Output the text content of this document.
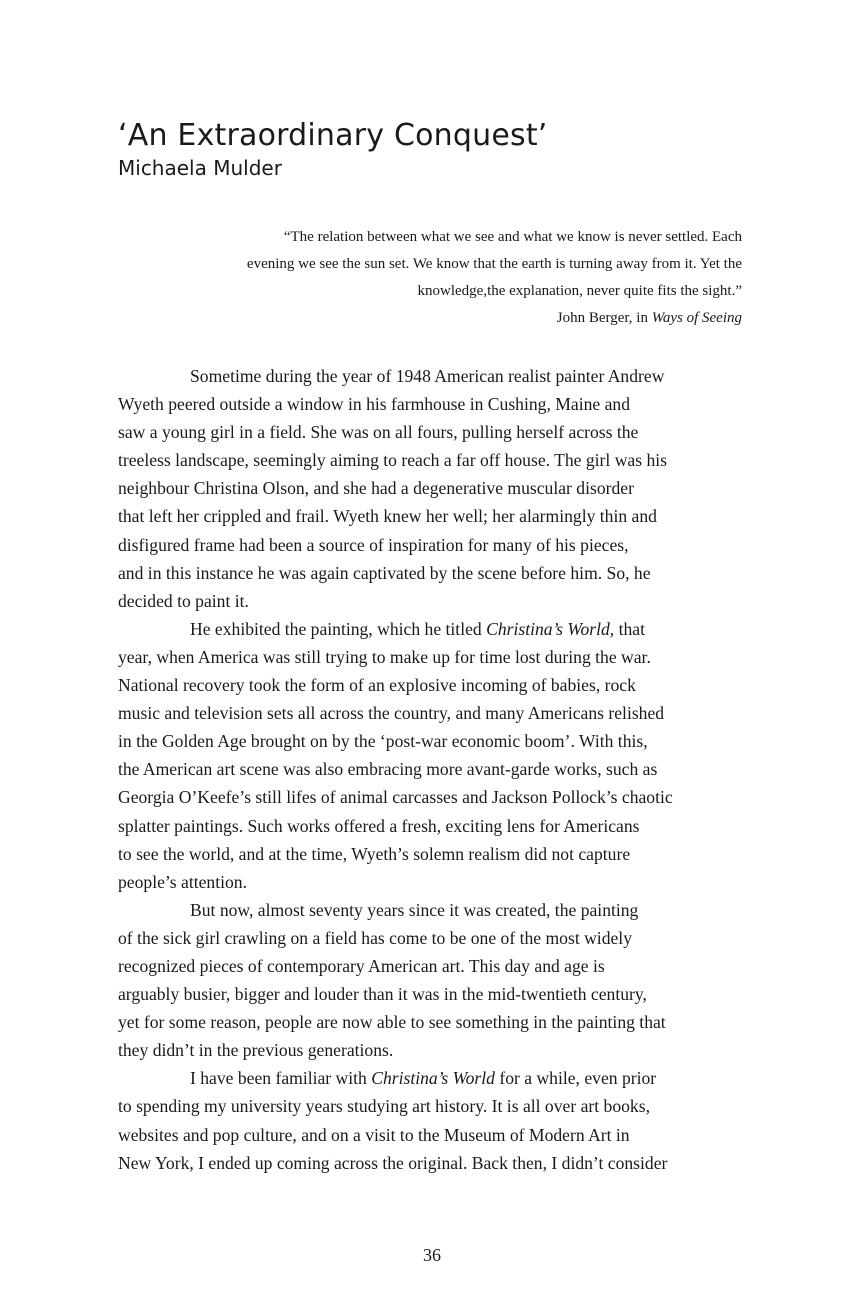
‘An Extraordinary Conquest’
Michaela Mulder
“The relation between what we see and what we know is never settled. Each
evening we see the sun set. We know that the earth is turning away from it. Yet the
knowledge,the explanation, never quite fits the sight.”
John Berger, in Ways of Seeing
Sometime during the year of 1948 American realist painter Andrew
Wyeth peered outside a window in his farmhouse in Cushing, Maine and
saw a young girl in a field. She was on all fours, pulling herself across the
treeless landscape, seemingly aiming to reach a far off house. The girl was his
neighbour Christina Olson, and she had a degenerative muscular disorder
that left her crippled and frail. Wyeth knew her well; her alarmingly thin and
disfigured frame had been a source of inspiration for many of his pieces,
and in this instance he was again captivated by the scene before him. So, he
decided to paint it.
He exhibited the painting, which he titled Christina’s World, that
year, when America was still trying to make up for time lost during the war.
National recovery took the form of an explosive incoming of babies, rock
music and television sets all across the country, and many Americans relished
in the Golden Age brought on by the ‘post-war economic boom’. With this,
the American art scene was also embracing more avant-garde works, such as
Georgia O’Keefe’s still lifes of animal carcasses and Jackson Pollock’s chaotic
splatter paintings. Such works offered a fresh, exciting lens for Americans
to see the world, and at the time, Wyeth’s solemn realism did not capture
people’s attention.
But now, almost seventy years since it was created, the painting
of the sick girl crawling on a field has come to be one of the most widely
recognized pieces of contemporary American art. This day and age is
arguably busier, bigger and louder than it was in the mid-twentieth century,
yet for some reason, people are now able to see something in the painting that
they didn’t in the previous generations.
I have been familiar with Christina’s World for a while, even prior
to spending my university years studying art history. It is all over art books,
websites and pop culture, and on a visit to the Museum of Modern Art in
New York, I ended up coming across the original. Back then, I didn’t consider
36
